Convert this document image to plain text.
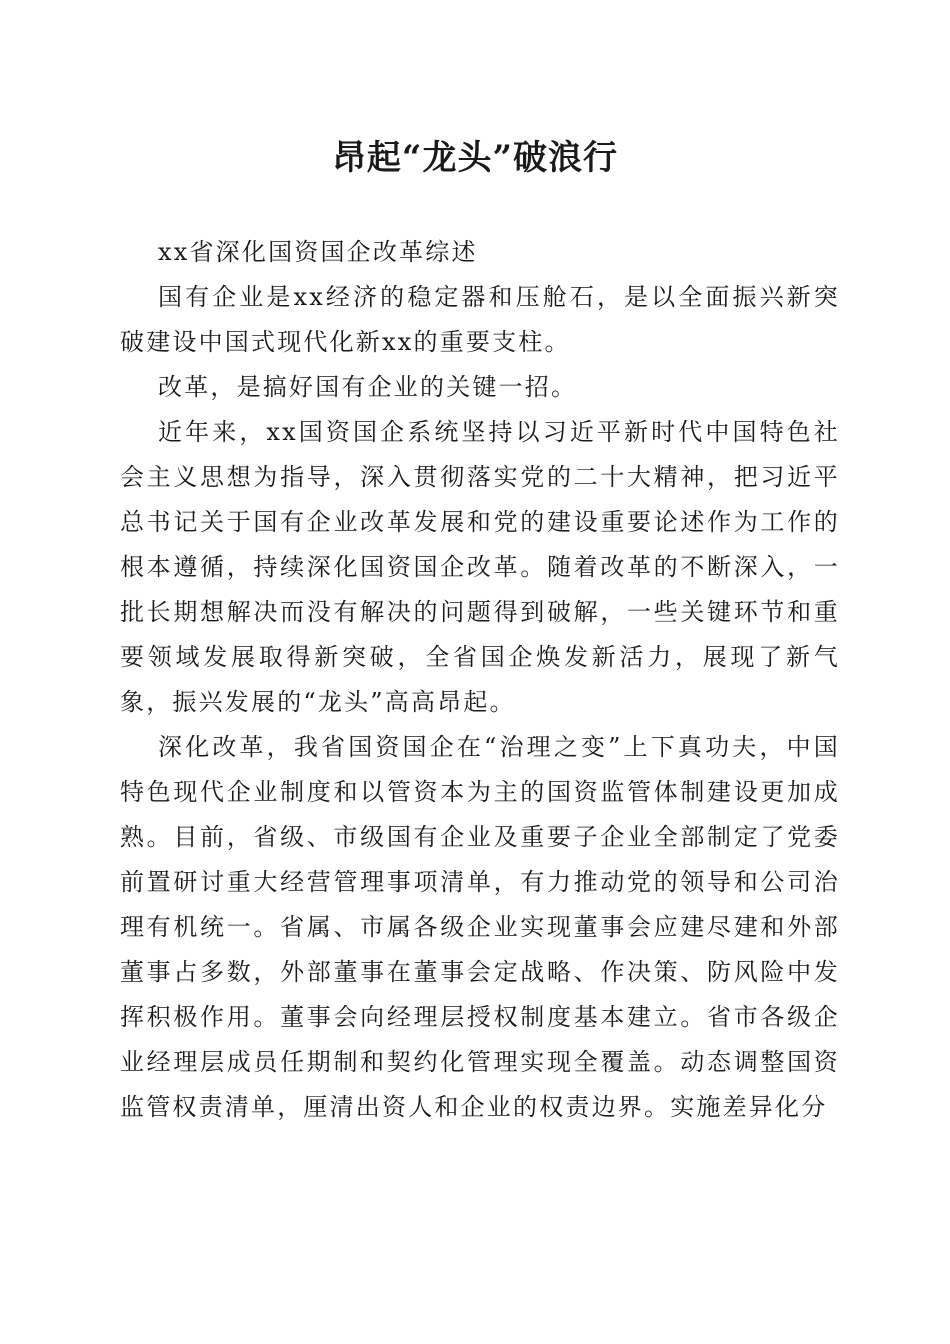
昂起“龙头”破浪行

xx省深化国资国企改革综述

国有企业是xx经济的稳定器和压舱石，是以全面振兴新突破建设中国式现代化新xx的重要支柱。

改革，是搞好国有企业的关键一招。

近年来，xx国资国企系统坚持以习近平新时代中国特色社会主义思想为指导，深入贯彻落实党的二十大精神，把习近平总书记关于国有企业改革发展和党的建设重要论述作为工作的根本遵循，持续深化国资国企改革。随着改革的不断深入，一批长期想解决而没有解决的问题得到破解，一些关键环节和重要领域发展取得新突破，全省国企焕发新活力，展现了新气象，振兴发展的“龙头”高高昂起。

深化改革，我省国资国企在“治理之变”上下真功夫，中国特色现代企业制度和以管资本为主的国资监管体制建设更加成熟。目前，省级、市级国有企业及重要子企业全部制定了党委前置研讨重大经营管理事项清单，有力推动党的领导和公司治理有机统一。省属、市属各级企业实现董事会应建尽建和外部董事占多数，外部董事在董事会定战略、作决策、防风险中发挥积极作用。董事会向经理层授权制度基本建立。省市各级企业经理层成员任期制和契约化管理实现全覆盖。动态调整国资监管权责清单，厘清出资人和企业的权责边界。实施差异化分
